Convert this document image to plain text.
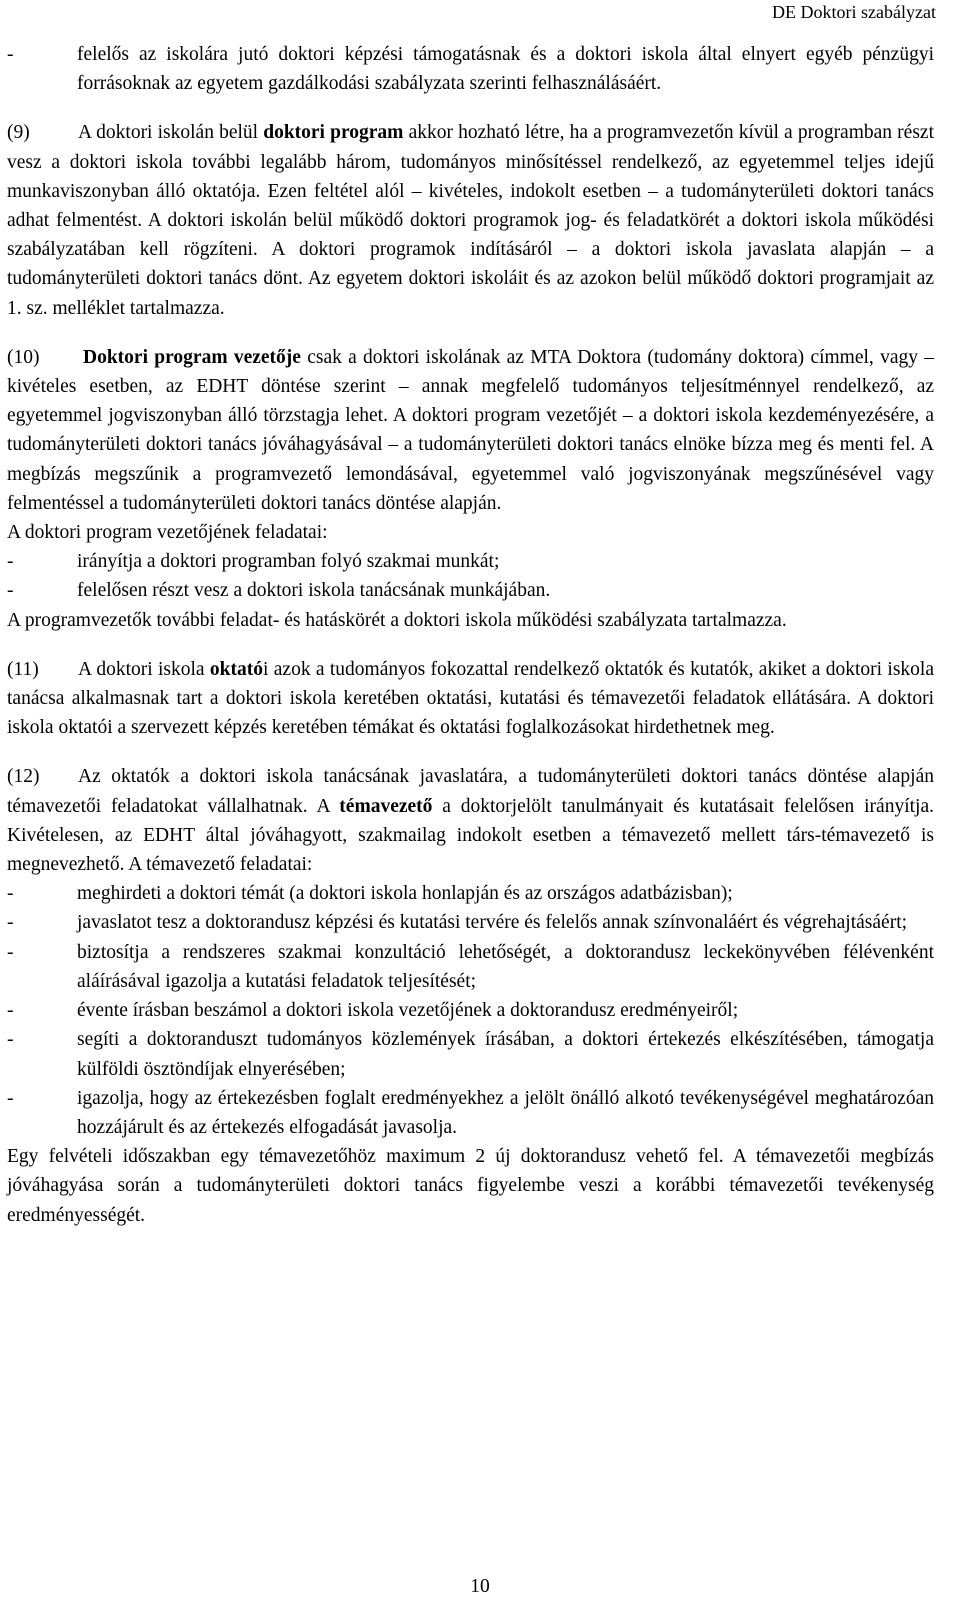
DE Doktori szabályzat
-	felelős az iskolára jutó doktori képzési támogatásnak és a doktori iskola által elnyert egyéb pénzügyi forrásoknak az egyetem gazdálkodási szabályzata szerinti felhasználásáért.

(9) A doktori iskolán belül doktori program akkor hozható létre, ha a programvezetőn kívül a programban részt vesz a doktori iskola további legalább három, tudományos minősítéssel rendelkező, az egyetemmel teljes idejű munkaviszonyban álló oktatója. Ezen feltétel alól – kivételes, indokolt esetben – a tudományterületi doktori tanács adhat felmentést. A doktori iskolán belül működő doktori programok jog- és feladatkörét a doktori iskola működési szabályzatában kell rögzíteni. A doktori programok indításáról – a doktori iskola javaslata alapján – a tudományterületi doktori tanács dönt. Az egyetem doktori iskoláit és az azokon belül működő doktori programjait az 1. sz. melléklet tartalmazza.

(10) Doktori program vezetője csak a doktori iskolának az MTA Doktora (tudomány doktora) címmel, vagy – kivételes esetben, az EDHT döntése szerint – annak megfelelő tudományos teljesítménnyel rendelkező, az egyetemmel jogviszonyban álló törzstagja lehet. A doktori program vezetőjét – a doktori iskola kezdeményezésére, a tudományterületi doktori tanács jóváhagyásával – a tudományterületi doktori tanács elnöke bízza meg és menti fel. A megbízás megszűnik a programvezető lemondásával, egyetemmel való jogviszonyának megszűnésével vagy felmentéssel a tudományterületi doktori tanács döntése alapján.

A doktori program vezetőjének feladatai:

-	irányítja a doktori programban folyó szakmai munkát;
-	felelősen részt vesz a doktori iskola tanácsának munkájában.

A programvezetők további feladat- és hatáskörét a doktori iskola működési szabályzata tartalmazza.

(11) A doktori iskola oktatói azok a tudományos fokozattal rendelkező oktatók és kutatók, akiket a doktori iskola tanácsa alkalmasnak tart a doktori iskola keretében oktatási, kutatási és témavezetői feladatok ellátására. A doktori iskola oktatói a szervezett képzés keretében témákat és oktatási foglalkozásokat hirdethetnek meg.

(12) Az oktatók a doktori iskola tanácsának javaslatára, a tudományterületi doktori tanács döntése alapján témavezetői feladatokat vállalhatnak. A témavezető a doktorjelölt tanulmányait és kutatásait felelősen irányítja. Kivételesen, az EDHT által jóváhagyott, szakmailag indokolt esetben a témavezető mellett társ-témavezető is megnevezhető. A témavezető feladatai:

-	meghirdeti a doktori témát (a doktori iskola honlapján és az országos adatbázisban);
-	javaslatot tesz a doktorandusz képzési és kutatási tervére és felelős annak színvonaláért és végrehajtásáért;
-	biztosítja a rendszeres szakmai konzultáció lehetőségét, a doktorandusz leckekönyvében félévenként aláírásával igazolja a kutatási feladatok teljesítését;
-	évente írásban beszámol a doktori iskola vezetőjének a doktorandusz eredményeiről;
-	segíti a doktoranduszt tudományos közlemények írásában, a doktori értekezés elkészítésében, támogatja külföldi ösztöndíjak elnyerésében;
-	igazolja, hogy az értekezésben foglalt eredményekhez a jelölt önálló alkotó tevékenységével meghatározóan hozzájárult és az értekezés elfogadását javasolja.

Egy felvételi időszakban egy témavezetőhöz maximum 2 új doktorandusz vehető fel. A témavezetői megbízás jóváhagyása során a tudományterületi doktori tanács figyelembe veszi a korábbi témavezetői tevékenység eredményességét.

10
